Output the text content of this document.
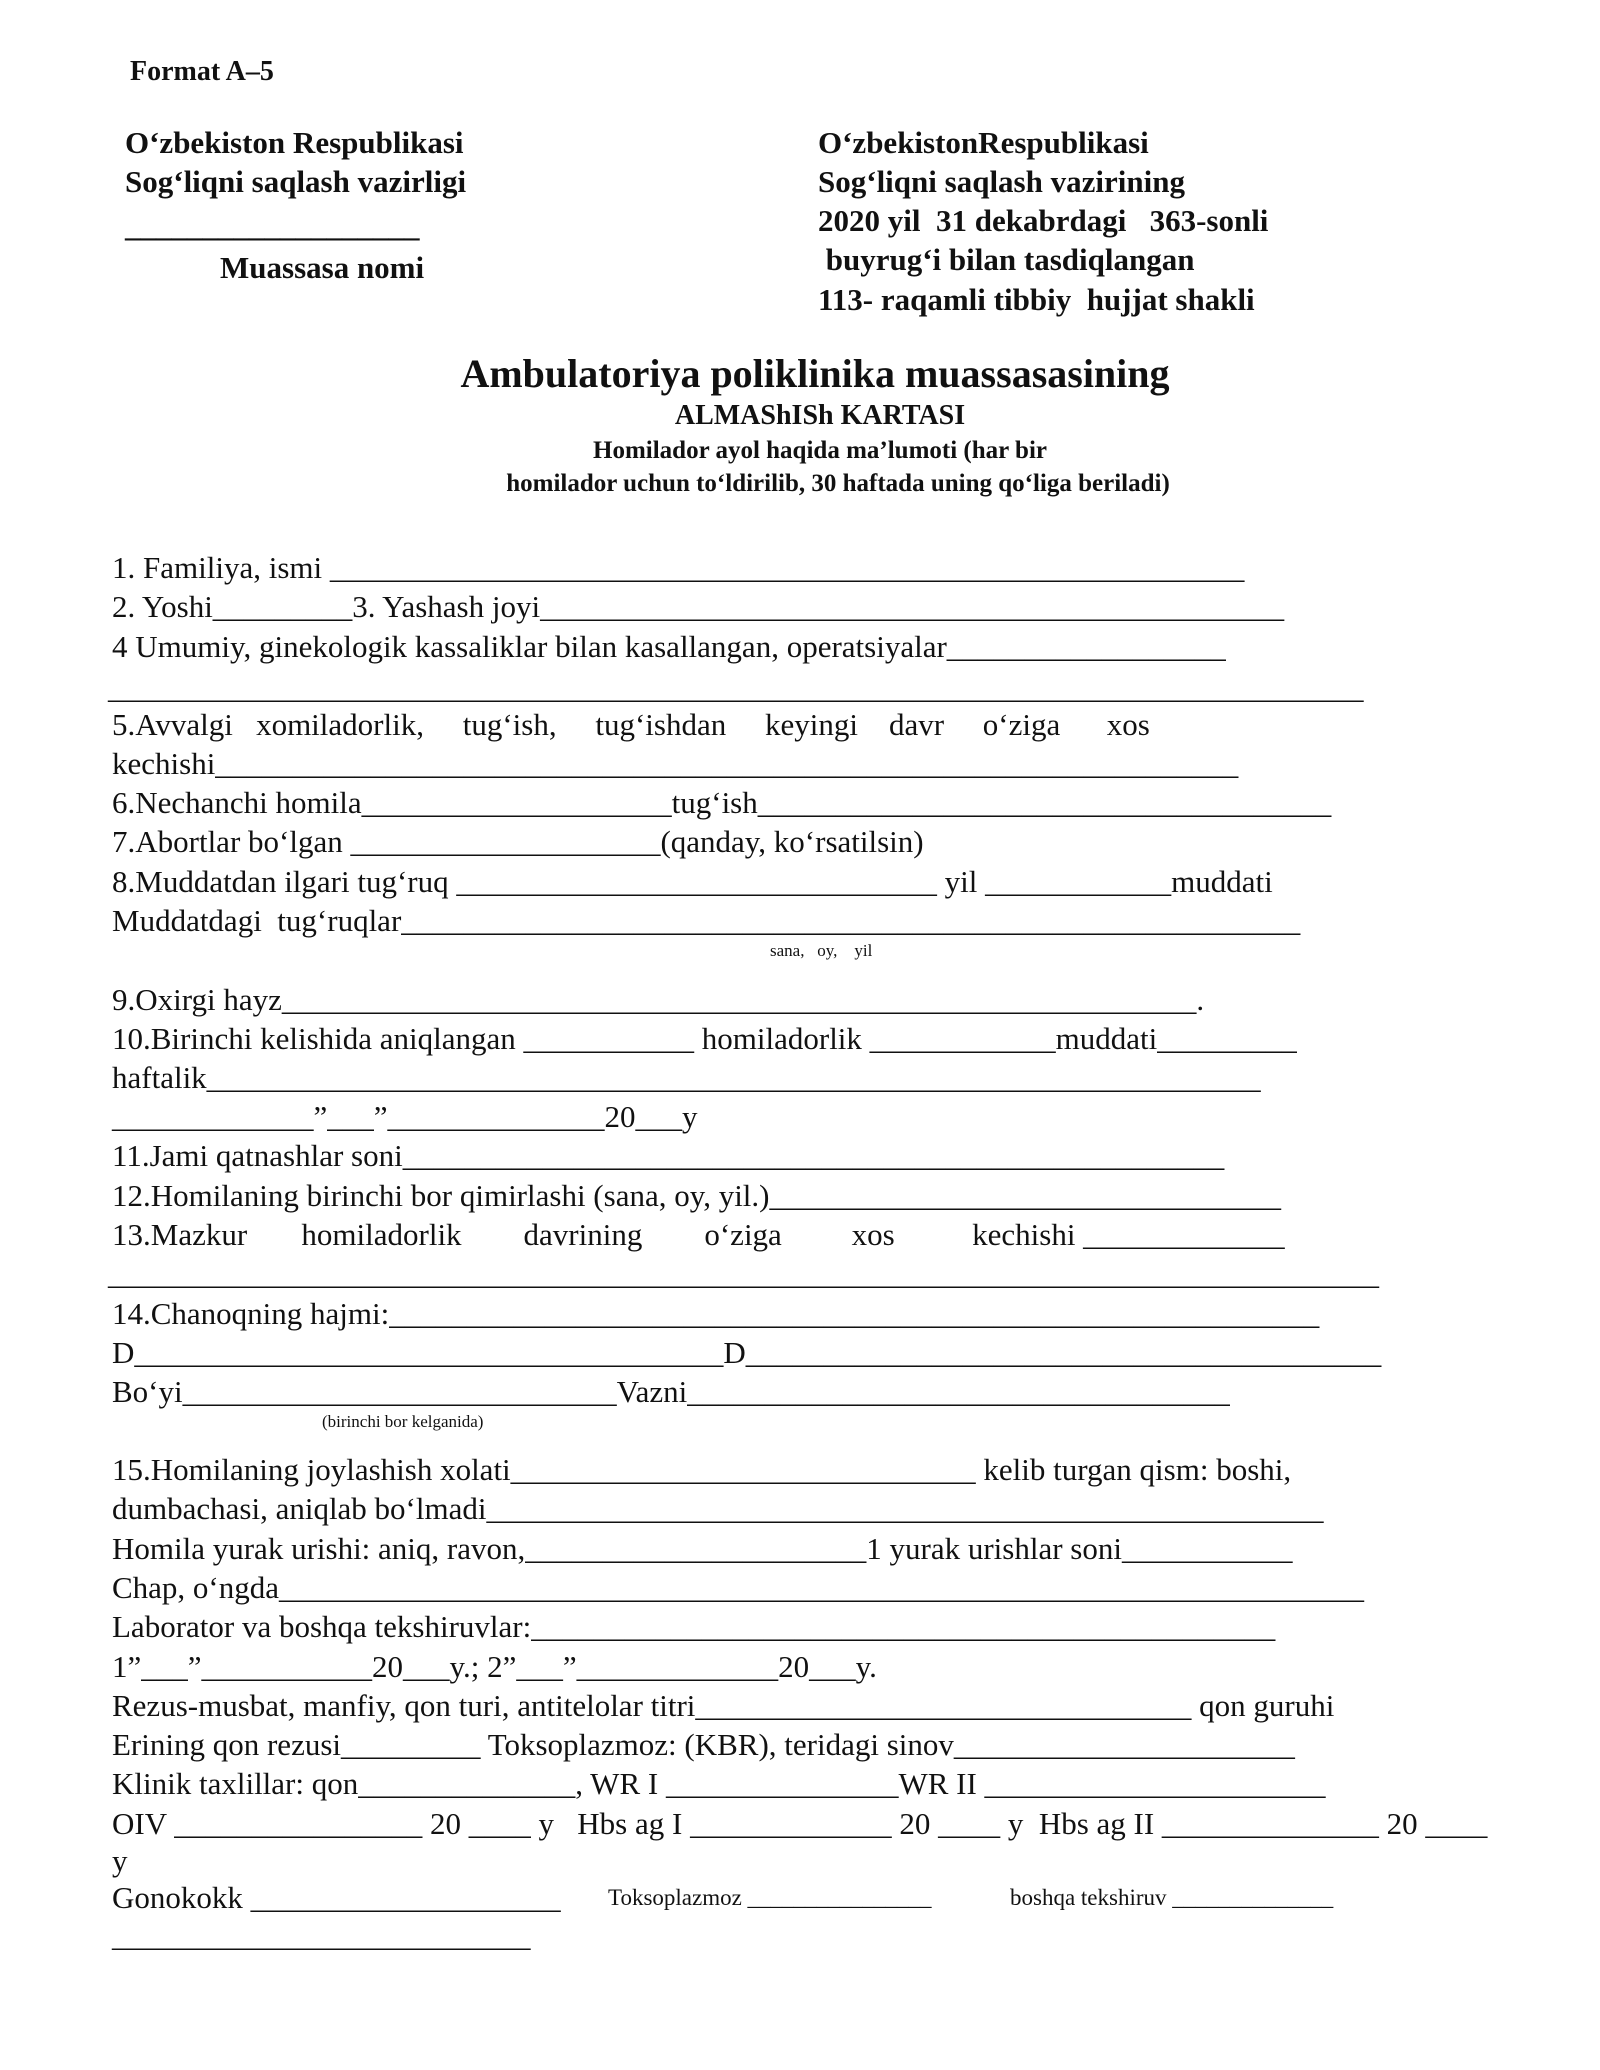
Format A–5
O‘zbekiston Respublikasi
Sog‘liqni saqlash vazirligi
___________________
Muassasa nomi
O‘zbekistonRespublikasi
Sog‘liqni saqlash vazirining
2020 yil  31 dekabrdagi   363-sonli
buyrug‘i bilan tasdiqlangan
113- raqamli tibbiy  hujjat shakli
Ambulatoriya poliklinika muassasasining
ALMAShISh KARTASI
Homilador ayol haqida ma’lumoti (har bir
homilador uchun to‘ldirilib, 30 haftada uning qo‘liga beriladi)
1. Familiya, ismi ___________________________________________________________
2. Yoshi_________3. Yashash joyi________________________________________________
4 Umumiy, ginekologik kassaliklar bilan kasallangan, operatsiyalar__________________
_________________________________________________________________________________
5.Avvalgi   xomiladorlik,     tug‘ish,     tug‘ishdan     keyingi    davr     o‘ziga      xos
kechishi__________________________________________________________________
6.Nechanchi homila____________________tug‘ish_____________________________________
7.Abortlar bo‘lgan ____________________(qanday, ko‘rsatilsin)
8.Muddatdan ilgari tug‘ruq _______________________________ yil ____________muddati
Muddatdagi  tug‘ruqlar__________________________________________________________
sana,   oy,    yil
9.Oxirgi hayz___________________________________________________________.
10.Birinchi kelishida aniqlangan ___________ homiladorlik ____________muddati_________
haftalik____________________________________________________________________
_____________”___”______________20___y
11.Jami qatnashlar soni_____________________________________________________
12.Homilaning birinchi bor qimirlashi (sana, oy, yil.)_________________________________
13.Mazkur       homiladorlik        davrining        o‘ziga         xos          kechishi _____________
__________________________________________________________________________________
14.Chanoqning hajmi:____________________________________________________________
D______________________________________D_________________________________________
Bo‘yi____________________________Vazni___________________________________
(birinchi bor kelganida)
15.Homilaning joylashish xolati______________________________ kelib turgan qism: boshi,
dumbachasi, aniqlab bo‘lmadi______________________________________________________
Homila yurak urishi: aniq, ravon,______________________1 yurak urishlar soni___________
Chap, o‘ngda______________________________________________________________________
Laborator va boshqa tekshiruvlar:________________________________________________
1”___”___________20___y.; 2”___”_____________20___y.
Rezus-musbat, manfiy, qon turi, antitelolar titri________________________________ qon guruhi
Erining qon rezusi_________ Toksoplazmoz: (KBR), teridagi sinov______________________
Klinik taxlillar: qon______________, WR I _______________WR II ______________________
OIV ________________ 20 ____ y   Hbs ag I _____________ 20 ____ y  Hbs ag II ______________ 20 ____
y
Gonokokk ____________________ Toksoplazmoz ________________	boshqa tekshiruv ______________
___________________________
